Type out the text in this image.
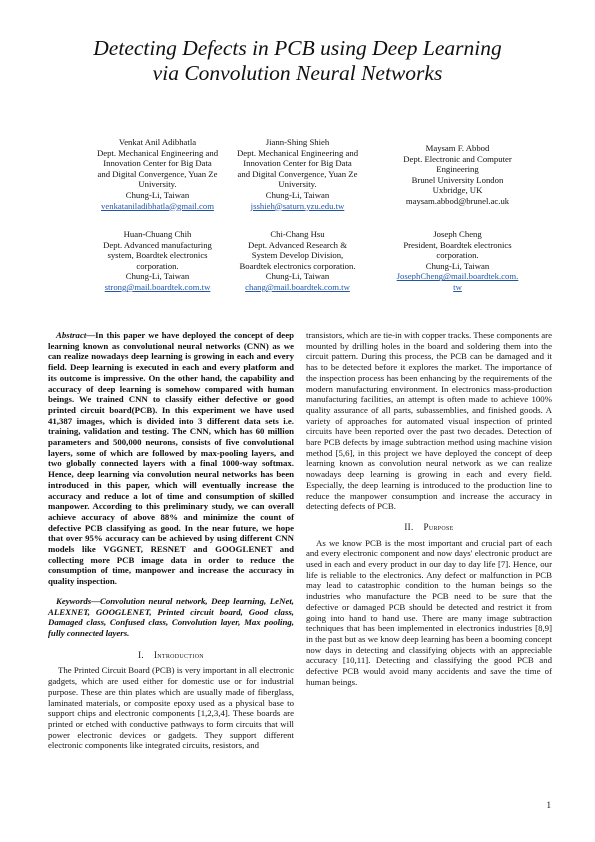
Detecting Defects in PCB using Deep Learning
via Convolution Neural Networks
Venkat Anil Adibhatla
Dept. Mechanical Engineering and
Innovation Center for Big Data
and Digital Convergence, Yuan Ze
University.
Chung-Li, Taiwan
venkataniladibhatla@gmail.com
Jiann-Shing Shieh
Dept. Mechanical Engineering and
Innovation Center for Big Data
and Digital Convergence, Yuan Ze
University.
Chung-Li, Taiwan
jsshieh@saturn.yzu.edu.tw
Maysam F. Abbod
Dept. Electronic and Computer
Engineering
Brunel University London
Uxbridge, UK
maysam.abbod@brunel.ac.uk
Huan-Chuang Chih
Dept. Advanced manufacturing
system, Boardtek electronics
corporation.
Chung-Li, Taiwan
strong@mail.boardtek.com.tw
Chi-Chang Hsu
Dept. Advanced Research &
System Develop Division,
Boardtek electronics corporation.
Chung-Li, Taiwan
chang@mail.boardtek.com.tw
Joseph Cheng
President, Boardtek electronics
corporation.
Chung-Li, Taiwan
JosephCheng@mail.boardtek.com.
tw

Abstract—In this paper we have deployed the concept of deep learning known as convolutional neural networks (CNN) as we can realize nowadays deep learning is growing in each and every field. Deep learning is executed in each and every platform and its outcome is impressive. On the other hand, the capability and accuracy of deep learning is somehow compared with human beings. We trained CNN to classify either defective or good printed circuit board(PCB). In this experiment we have used 41,387 images, which is divided into 3 different data sets i.e. training, validation and testing. The CNN, which has 60 million parameters and 500,000 neurons, consists of five convolutional layers, some of which are followed by max-pooling layers, and two globally connected layers with a final 1000-way softmax. Hence, deep learning via convolution neural networks has been introduced in this paper, which will eventually increase the accuracy and reduce a lot of time and consumption of skilled manpower. According to this preliminary study, we can overall achieve accuracy of above 88% and minimize the count of defective PCB classifying as good. In the near future, we hope that over 95% accuracy can be achieved by using different CNN models like VGGNET, RESNET and GOOGLENET and collecting more PCB image data in order to reduce the consumption of time, manpower and increase the accuracy in quality inspection.

Keywords—Convolution neural network, Deep learning, LeNet, ALEXNET, GOOGLENET, Printed circuit board, Good class, Damaged class, Confused class, Convolution layer, Max pooling, fully connected layers.

I. Introduction

The Printed Circuit Board (PCB) is very important in all electronic gadgets, which are used either for domestic use or for industrial purpose. These are thin plates which are usually made of fiberglass, laminated materials, or composite epoxy used as a physical base to support chips and electronic components [1,2,3,4]. These boards are printed or etched with conductive pathways to form circuits that will power electronic devices or gadgets. They support different electronic components like integrated circuits, resistors, and

transistors, which are tie-in with copper tracks. These components are mounted by drilling holes in the board and soldering them into the circuit pattern. During this process, the PCB can be damaged and it has to be detected before it explores the market. The importance of the inspection process has been enhancing by the requirements of the modern manufacturing environment. In electronics mass-production manufacturing facilities, an attempt is often made to achieve 100% quality assurance of all parts, subassemblies, and finished goods. A variety of approaches for automated visual inspection of printed circuits have been reported over the past two decades. Detection of bare PCB defects by image subtraction method using machine vision method [5,6], in this project we have deployed the concept of deep learning known as convolution neural network as we can realize nowadays deep learning is growing in each and every field. Especially, the deep learning is introduced to the production line to reduce the manpower consumption and increase the accuracy in detecting defects of PCB.

II. Purpose

As we know PCB is the most important and crucial part of each and every electronic component and now days' electronic product are used in each and every product in our day to day life [7]. Hence, our life is reliable to the electronics. Any defect or malfunction in PCB may lead to catastrophic condition to the human beings so the industries who manufacture the PCB need to be sure that the defective or damaged PCB should be detected and restrict it from going into hand to hand use. There are many image subtraction techniques that has been implemented in electronics industries [8,9] in the past but as we know deep learning has been a booming concept now days in detecting and classifying objects with an appreciable accuracy [10,11]. Detecting and classifying the good PCB and defective PCB would avoid many accidents and save the time of human beings.

1
